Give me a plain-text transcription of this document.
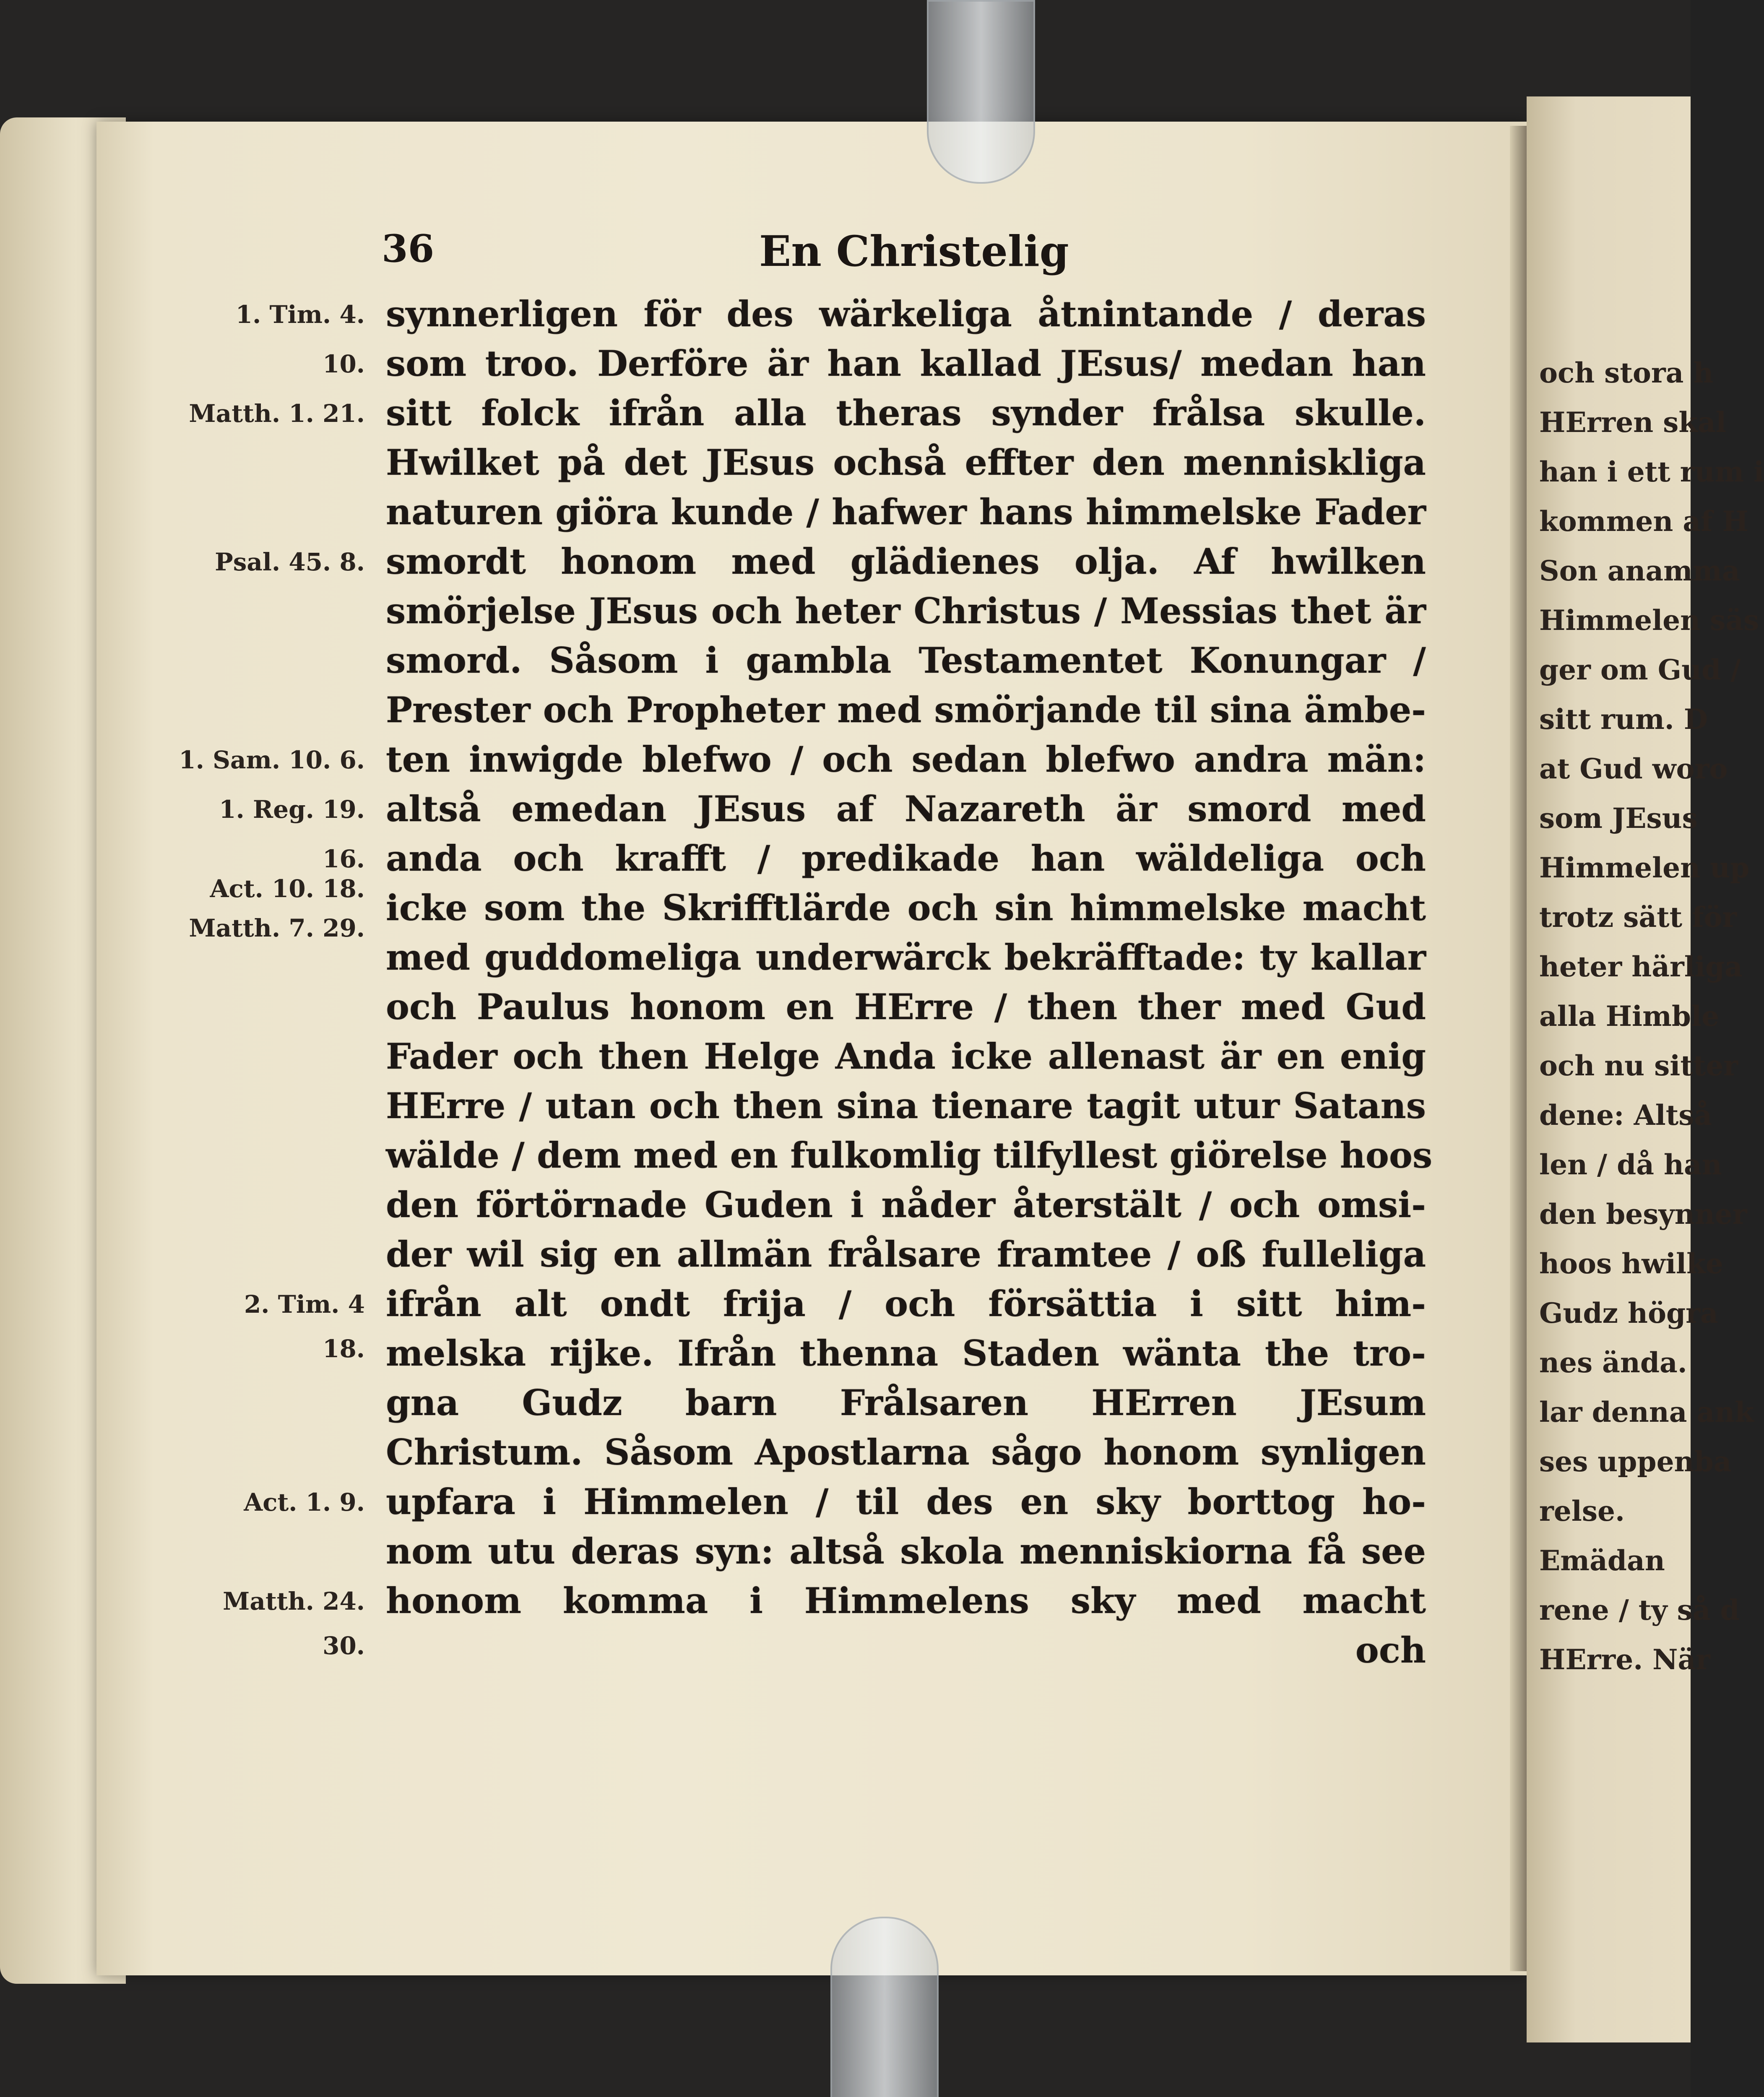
och stora h
HErren skal
han i ett rum i
kommen af H
Son anamma
Himmelen säs
ger om Gud /
sitt rum. D
at Gud woro
som JEsus
Himmelen up
trotz sätt för
heter härliga
alla Himble
och nu sitter
dene: Altså
len / då han
den besynner
hoos hwilke
Gudz högra
nes ända.
lar denna ank
ses uppenba
relse.
Emädan
rene / ty så d
HErre. När
36	En Christelig
1. Tim. 4.
10.
Matth. 1. 21.
Psal. 45. 8.
1. Sam. 10. 6.
1. Reg. 19.
16.
Act. 10. 18.
Matth. 7. 29.
2. Tim. 4
18.
Act. 1. 9.
Matth. 24.
30.
synnerligen för des wärkeliga åtnintande / deras
som troo. Derföre är han kallad JEsus/ medan han
sitt folck ifrån alla theras synder frålsa skulle.
Hwilket på det JEsus ochså effter den menniskliga
naturen giöra kunde / hafwer hans himmelske Fader
smordt honom med glädienes olja. Af hwilken
smörjelse JEsus och heter Christus / Messias thet är
smord. Såsom i gambla Testamentet Konungar /
Prester och Propheter med smörjande til sina ämbe-
ten inwigde blefwo / och sedan blefwo andra män:
altså emedan JEsus af Nazareth är smord med
anda och krafft / predikade han wäldeliga och
icke som the Skrifftlärde och sin himmelske macht
med guddomeliga underwärck bekräfftade: ty kallar
och Paulus honom en HErre / then ther med Gud
Fader och then Helge Anda icke allenast är en enig
HErre / utan och then sina tienare tagit utur Satans
wälde / dem med en fulkomlig tilfyllest giörelse hoos
den förtörnade Guden i nåder återstält / och omsi-
der wil sig en allmän frålsare framtee / oß fulleliga
ifrån alt ondt frija / och försättia i sitt him-
melska rijke. Ifrån thenna Staden wänta the tro-
gna Gudz barn Frålsaren HErren JEsum
Christum. Såsom Apostlarna sågo honom synligen
upfara i Himmelen / til des en sky borttog ho-
nom utu deras syn: altså skola menniskiorna få see
honom komma i Himmelens sky med macht
och
